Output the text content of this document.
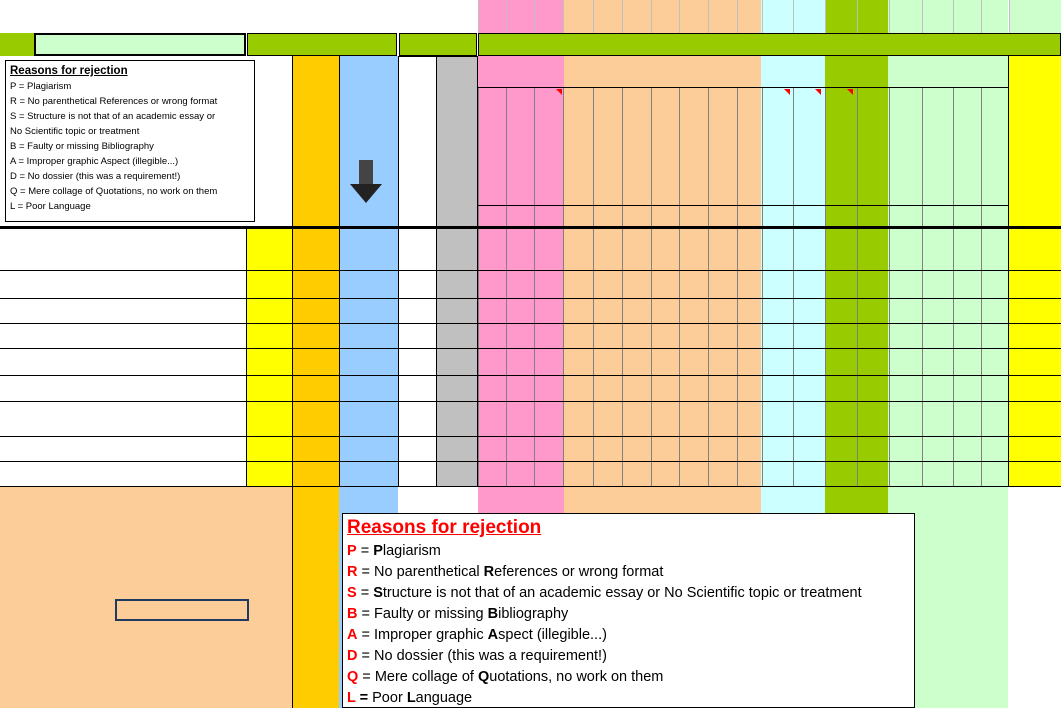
Reasons for rejection
P = Plagiarism
R = No parenthetical References or wrong format
S = Structure is not that of an academic essay or
No Scientific topic or treatment
B = Faulty or missing Bibliography
A = Improper graphic Aspect (illegible...)
D = No dossier (this was a requirement!)
Q = Mere collage of Quotations, no work on them
L = Poor Language
Reasons for rejection
P = Plagiarism
R = No parenthetical References or wrong format
S = Structure is not that of an academic essay or No Scientific topic or treatment
B = Faulty or missing Bibliography
A = Improper graphic Aspect (illegible...)
D = No dossier (this was a requirement!)
Q = Mere collage of Quotations, no work on them
L = Poor Language
